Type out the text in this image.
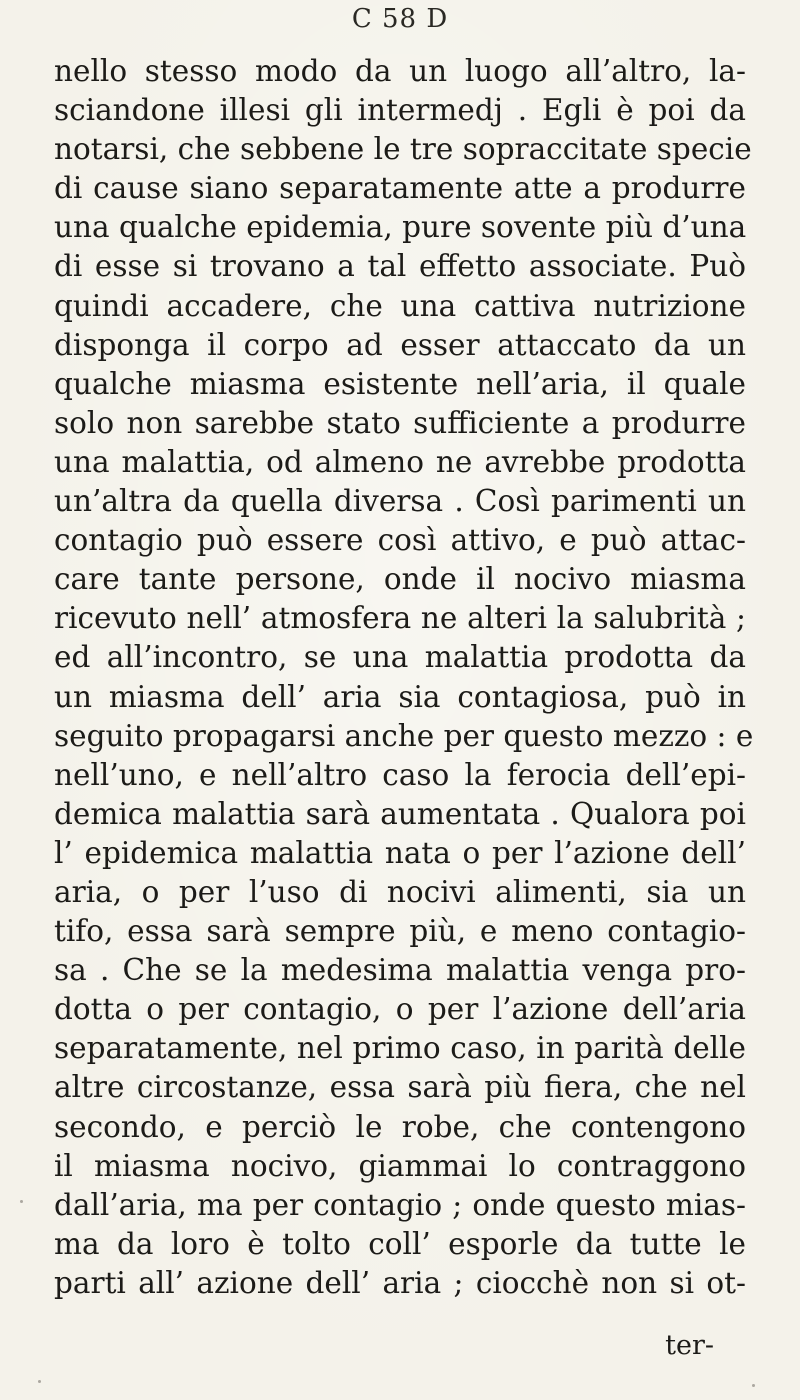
C 58 D
nello stesso modo da un luogo all’altro, la-
sciandone illesi gli intermedj . Egli è poi da
notarsi, che sebbene le tre sopraccitate specie
di cause siano separatamente atte a produrre
una qualche epidemia, pure sovente più d’una
di esse si trovano a tal effetto associate. Può
quindi accadere, che una cattiva nutrizione
disponga il corpo ad esser attaccato da un
qualche miasma esistente nell’aria, il quale
solo non sarebbe stato sufficiente a produrre
una malattia, od almeno ne avrebbe prodotta
un’altra da quella diversa . Così parimenti un
contagio può essere così attivo, e può attac-
care tante persone, onde il nocivo miasma
ricevuto nell’ atmosfera ne alteri la salubrità ;
ed all’incontro, se una malattia prodotta da
un miasma dell’ aria sia contagiosa, può in
seguito propagarsi anche per questo mezzo : e
nell’uno, e nell’altro caso la ferocia dell’epi-
demica malattia sarà aumentata . Qualora poi
l’ epidemica malattia nata o per l’azione dell’
aria, o per l’uso di nocivi alimenti, sia un
tifo, essa sarà sempre più, e meno contagio-
sa . Che se la medesima malattia venga pro-
dotta o per contagio, o per l’azione dell’aria
separatamente, nel primo caso, in parità delle
altre circostanze, essa sarà più fiera, che nel
secondo, e perciò le robe, che contengono
il miasma nocivo, giammai lo contraggono
dall’aria, ma per contagio ; onde questo mias-
ma da loro è tolto coll’ esporle da tutte le
parti all’ azione dell’ aria ; ciocchè non si ot-
ter-
